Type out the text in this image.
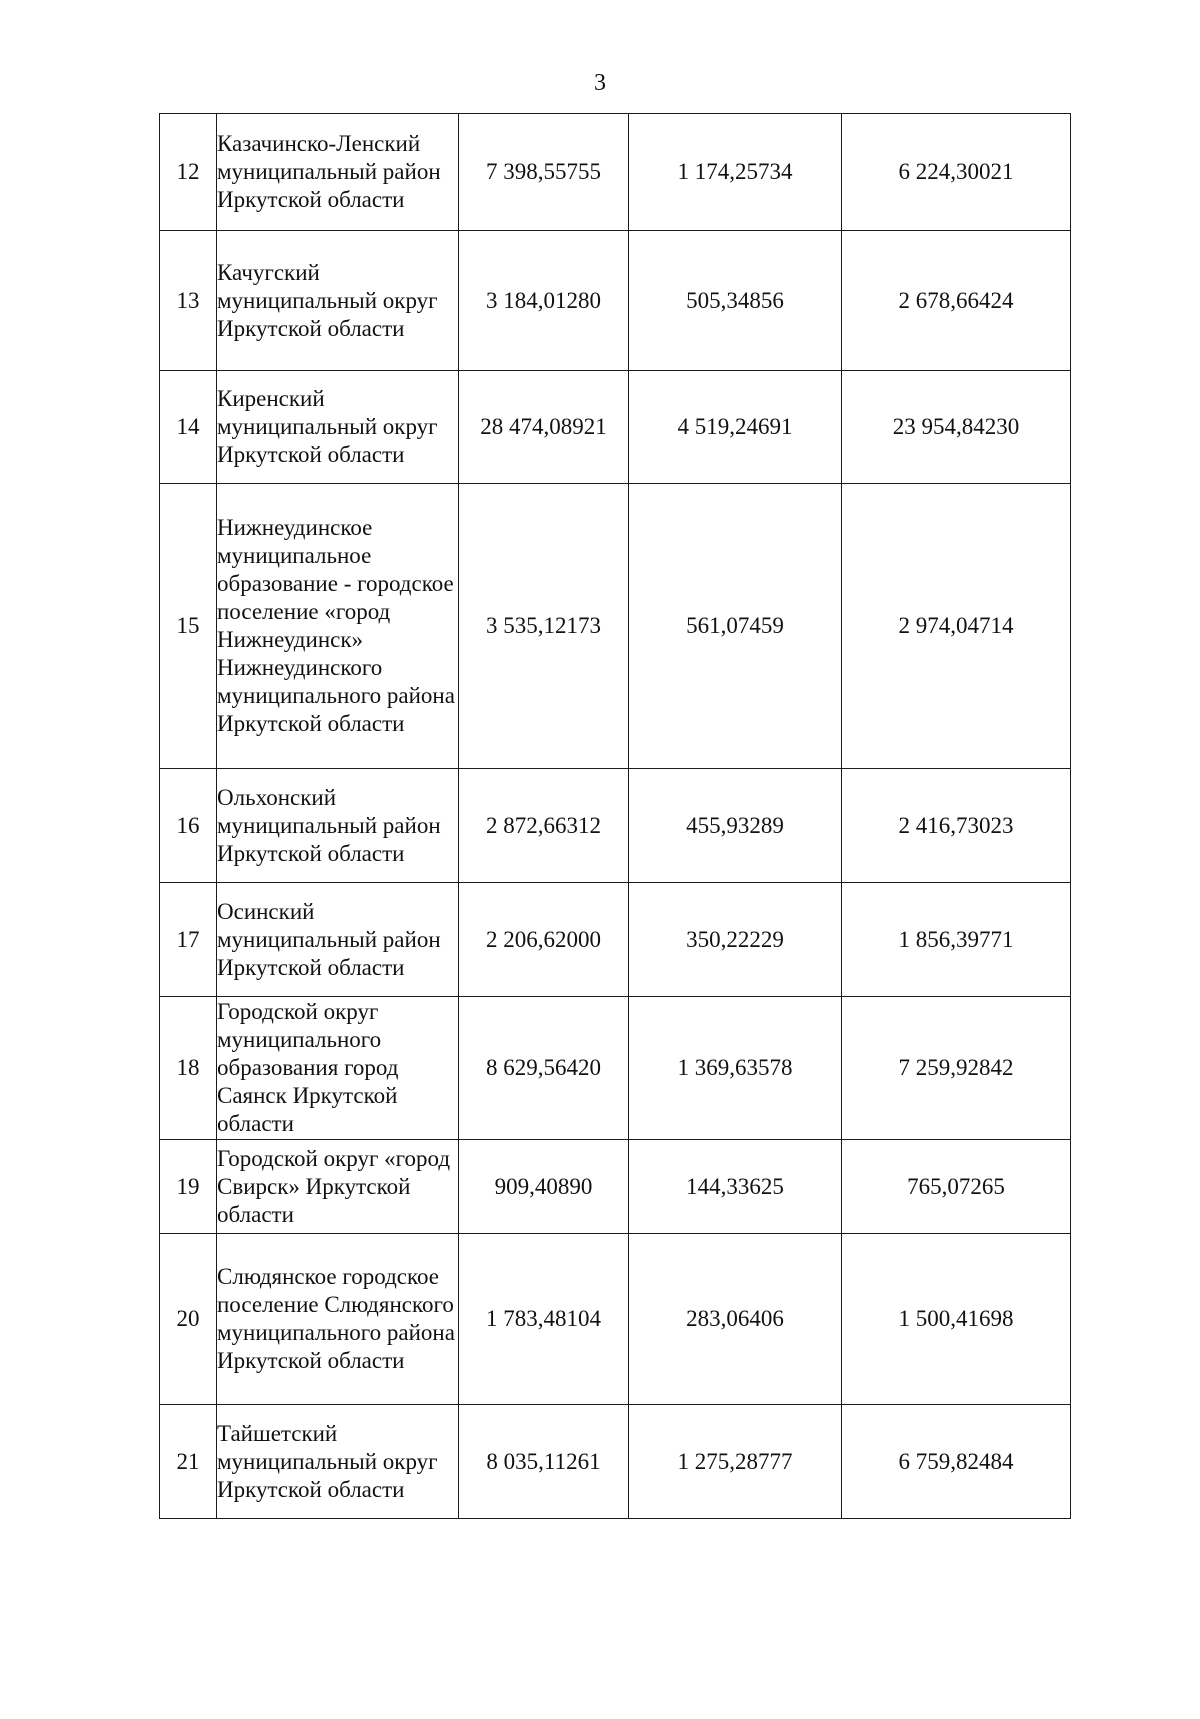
3
12	Казачинско-Ленский муниципальный район Иркутской области	7 398,55755	1 174,25734	6 224,30021
13	Качугский муниципальный округ Иркутской области	3 184,01280	505,34856	2 678,66424
14	Киренский муниципальный округ Иркутской области	28 474,08921	4 519,24691	23 954,84230
15	Нижнеудинское муниципальное образование - городское поселение «город Нижнеудинск» Нижнеудинского муниципального района Иркутской области	3 535,12173	561,07459	2 974,04714
16	Ольхонский муниципальный район Иркутской области	2 872,66312	455,93289	2 416,73023
17	Осинский муниципальный район Иркутской области	2 206,62000	350,22229	1 856,39771
18	Городской округ муниципального образования город Саянск Иркутской области	8 629,56420	1 369,63578	7 259,92842
19	Городской округ «город Свирск» Иркутской области	909,40890	144,33625	765,07265
20	Слюдянское городское поселение Слюдянского муниципального района Иркутской области	1 783,48104	283,06406	1 500,41698
21	Тайшетский муниципальный округ Иркутской области	8 035,11261	1 275,28777	6 759,82484
